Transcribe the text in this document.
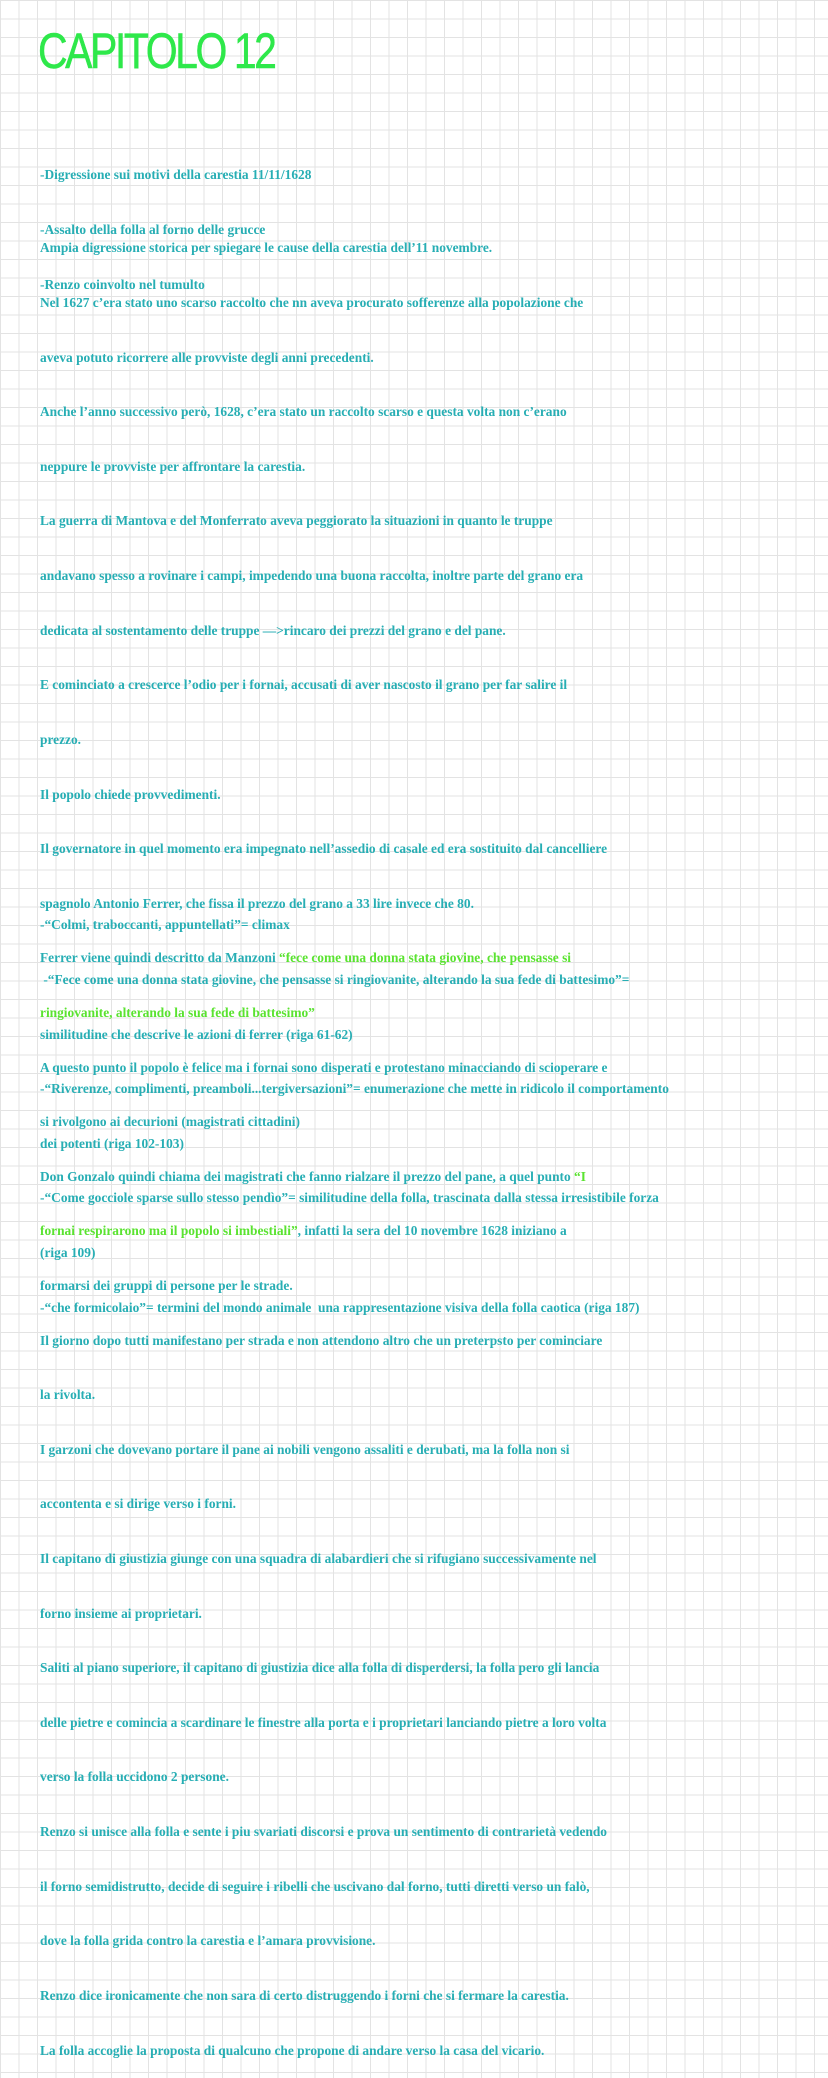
CAPITOLO 12

-Digressione sui motivi della carestia 11/11/1628

-Assalto della folla al forno delle grucce

-Renzo coinvolto nel tumulto

Ampia digressione storica per spiegare le cause della carestia dell’11 novembre.

Nel 1627 c’era stato uno scarso raccolto che nn aveva procurato sofferenze alla popolazione che

aveva potuto ricorrere alle provviste degli anni precedenti.

Anche l’anno successivo però, 1628, c’era stato un raccolto scarso e questa volta non c’erano

neppure le provviste per affrontare la carestia.

La guerra di Mantova e del Monferrato aveva peggiorato la situazioni in quanto le truppe

andavano spesso a rovinare i campi, impedendo una buona raccolta, inoltre parte del grano era

dedicata al sostentamento delle truppe —>rincaro dei prezzi del grano e del pane.

E cominciato a crescerce l’odio per i fornai, accusati di aver nascosto il grano per far salire il

prezzo.

Il popolo chiede provvedimenti.

Il governatore in quel momento era impegnato nell’assedio di casale ed era sostituito dal cancelliere

spagnolo Antonio Ferrer, che fissa il prezzo del grano a 33 lire invece che 80.

Ferrer viene quindi descritto da Manzoni “fece come una donna stata giovine, che pensasse si

ringiovanite, alterando la sua fede di battesimo”

A questo punto il popolo è felice ma i fornai sono disperati e protestano minacciando di scioperare e

si rivolgono ai decurioni (magistrati cittadini)

Don Gonzalo quindi chiama dei magistrati che fanno rialzare il prezzo del pane, a quel punto “I

fornai respirarono ma il popolo si imbestiali”, infatti la sera del 10 novembre 1628 iniziano a

formarsi dei gruppi di persone per le strade.

Il giorno dopo tutti manifestano per strada e non attendono altro che un preterpsto per cominciare

la rivolta.

I garzoni che dovevano portare il pane ai nobili vengono assaliti e derubati, ma la folla non si

accontenta e si dirige verso i forni.

Il capitano di giustizia giunge con una squadra di alabardieri che si rifugiano successivamente nel

forno insieme ai proprietari.

Saliti al piano superiore, il capitano di giustizia dice alla folla di disperdersi, la folla pero gli lancia

delle pietre e comincia a scardinare le finestre alla porta e i proprietari lanciando pietre a loro volta

verso la folla uccidono 2 persone.

Renzo si unisce alla folla e sente i piu svariati discorsi e prova un sentimento di contrarietà vedendo

il forno semidistrutto, decide di seguire i ribelli che uscivano dal forno, tutti diretti verso un falò,

dove la folla grida contro la carestia e l’amara provvisione.

Renzo dice ironicamente che non sara di certo distruggendo i forni che si fermare la carestia.

La folla accoglie la proposta di qualcuno che propone di andare verso la casa del vicario.

-“Colmi, traboccanti, appuntellati”= climax

-“Fece come una donna stata giovine, che pensasse si ringiovanite, alterando la sua fede di battesimo”=

similitudine che descrive le azioni di ferrer (riga 61-62)

-“Riverenze, complimenti, preamboli...tergiversazioni”= enumerazione che mette in ridicolo il comportamento

dei potenti (riga 102-103)

-“Come gocciole sparse sullo stesso pendìo”= similitudine della folla, trascinata dalla stessa irresistibile forza

(riga 109)

-“che formicolaio”= termini del mondo animale  una rappresentazione visiva della folla caotica (riga 187)
